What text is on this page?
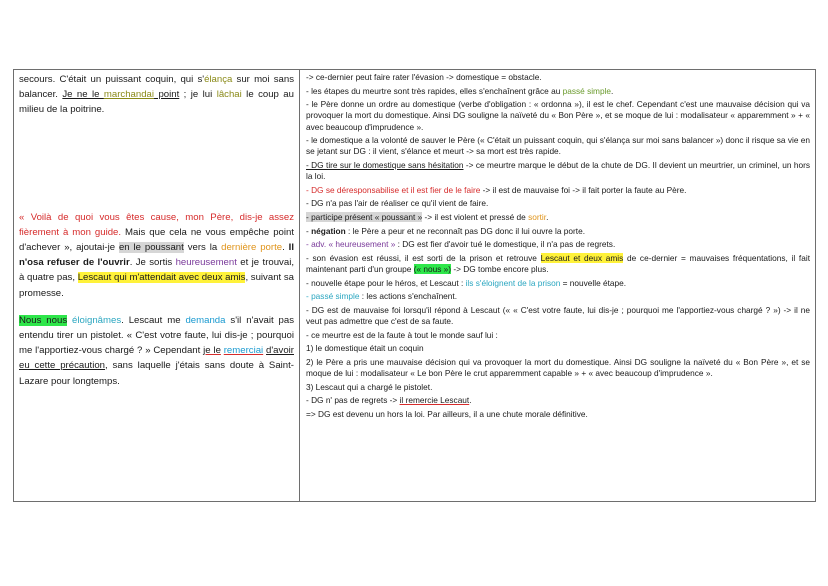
secours. C'était un puissant coquin, qui s'élança sur moi sans balancer. Je ne le marchandai point ; je lui lâchai le coup au milieu de la poitrine.

« Voilà de quoi vous êtes cause, mon Père, dis-je assez fièrement à mon guide. Mais que cela ne vous empêche point d'achever », ajoutai-je en le poussant vers la dernière porte. Il n'osa refuser de l'ouvrir. Je sortis heureusement et je trouvai, à quatre pas, Lescaut qui m'attendait avec deux amis, suivant sa promesse.

Nous nous éloignâmes. Lescaut me demanda s'il n'avait pas entendu tirer un pistolet. « C'est votre faute, lui dis-je ; pourquoi me l'apportiez-vous chargé ? » Cependant je le remerciai d'avoir eu cette précaution, sans laquelle j'étais sans doute à Saint-Lazare pour longtemps.

-> ce-dernier peut faire rater l'évasion -> domestique = obstacle.

- les étapes du meurtre sont très rapides, elles s'enchaînent grâce au passé simple.

- le Père donne un ordre au domestique (verbe d'obligation : « ordonna »), il est le chef. Cependant c'est une mauvaise décision qui va provoquer la mort du domestique. Ainsi DG souligne la naïveté du « Bon Père », et se moque de lui : modalisateur « apparemment » + « avec beaucoup d'imprudence ».

- le domestique a la volonté de sauver le Père (« C'était un puissant coquin, qui s'élança sur moi sans balancer ») donc il risque sa vie en se jetant sur DG : il vient, s'élance et meurt -> sa mort est très rapide.

- DG tire sur le domestique sans hésitation -> ce meurtre marque le début de la chute de DG. Il devient un meurtrier, un criminel, un hors la loi.

- DG se déresponsabilise et il est fier de le faire -> il est de mauvaise foi -> il fait porter la faute au Père.

- DG n'a pas l'air de réaliser ce qu'il vient de faire.

- participe présent « poussant » -> il est violent et pressé de sortir.

- négation : le Père a peur et ne reconnaît pas DG donc il lui ouvre la porte.

- adv. « heureusement » : DG est fier d'avoir tué le domestique, il n'a pas de regrets.

- son évasion est réussi, il est sorti de la prison et retrouve Lescaut et deux amis de ce-dernier = mauvaises fréquentations, il fait maintenant parti d'un groupe (« nous ») -> DG tombe encore plus.

- nouvelle étape pour le héros, et Lescaut : ils s'éloignent de la prison = nouvelle étape.

- passé simple : les actions s'enchaînent.

- DG est de mauvaise foi lorsqu'il répond à Lescaut (« « C'est votre faute, lui dis-je ; pourquoi me l'apportiez-vous chargé ? ») -> il ne veut pas admettre que c'est de sa faute.

- ce meurtre est de la faute à tout le monde sauf lui :

1) le domestique était un coquin

2) le Père a pris une mauvaise décision qui va provoquer la mort du domestique. Ainsi DG souligne la naïveté du « Bon Père », et se moque de lui : modalisateur « Le bon Père le crut apparemment capable » + « avec beaucoup d'imprudence ».

3) Lescaut qui a chargé le pistolet.

- DG n' pas de regrets -> il remercie Lescaut.

=> DG est devenu un hors la loi. Par ailleurs, il a une chute morale définitive.
